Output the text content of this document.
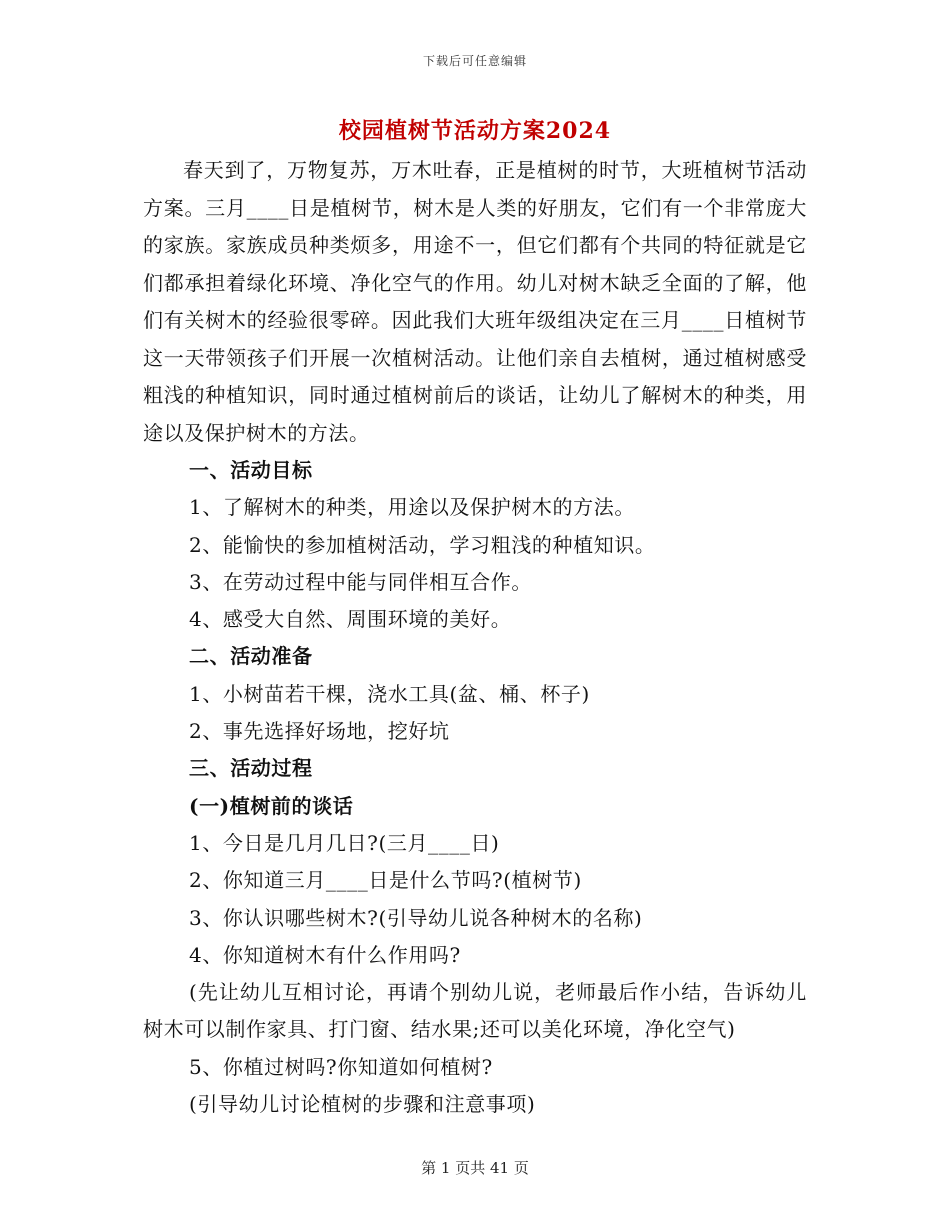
下载后可任意编辑
校园植树节活动方案2024

春天到了，万物复苏，万木吐春，正是植树的时节，大班植树节活动方案。三月____日是植树节，树木是人类的好朋友，它们有一个非常庞大的家族。家族成员种类烦多，用途不一，但它们都有个共同的特征就是它们都承担着绿化环境、净化空气的作用。幼儿对树木缺乏全面的了解，他们有关树木的经验很零碎。因此我们大班年级组决定在三月____日植树节这一天带领孩子们开展一次植树活动。让他们亲自去植树，通过植树感受粗浅的种植知识，同时通过植树前后的谈话，让幼儿了解树木的种类，用途以及保护树木的方法。

一、活动目标
1、了解树木的种类，用途以及保护树木的方法。
2、能愉快的参加植树活动，学习粗浅的种植知识。
3、在劳动过程中能与同伴相互合作。
4、感受大自然、周围环境的美好。
二、活动准备
1、小树苗若干棵，浇水工具(盆、桶、杯子)
2、事先选择好场地，挖好坑
三、活动过程
(一)植树前的谈话
1、今日是几月几日?(三月____日)
2、你知道三月____日是什么节吗?(植树节)
3、你认识哪些树木?(引导幼儿说各种树木的名称)
4、你知道树木有什么作用吗?

(先让幼儿互相讨论，再请个别幼儿说，老师最后作小结，告诉幼儿树木可以制作家具、打门窗、结水果;还可以美化环境，净化空气)

5、你植过树吗?你知道如何植树?
(引导幼儿讨论植树的步骤和注意事项)
第 1 页共 41 页
